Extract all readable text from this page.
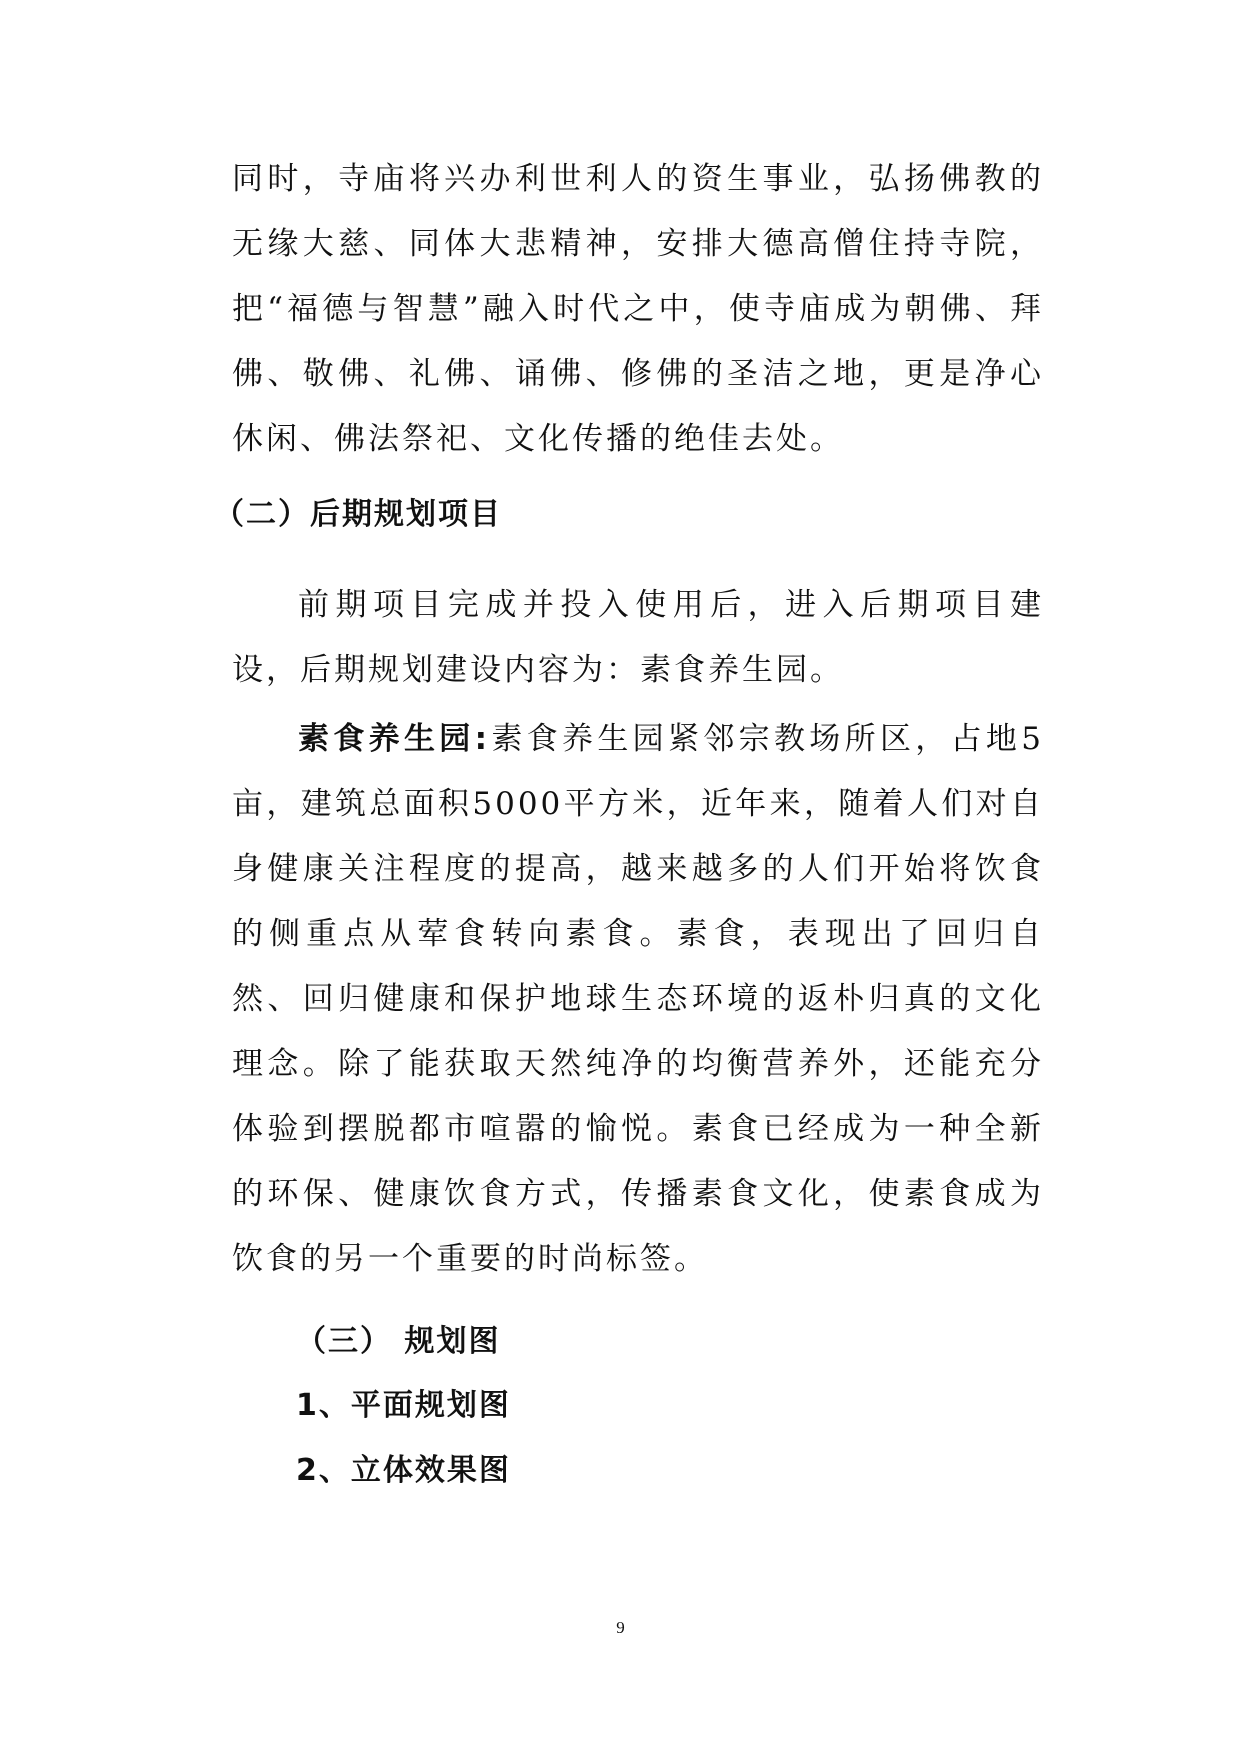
同时，寺庙将兴办利世利人的资生事业，弘扬佛教的无缘大慈、同体大悲精神，安排大德高僧住持寺院，把“福德与智慧”融入时代之中，使寺庙成为朝佛、拜佛、敬佛、礼佛、诵佛、修佛的圣洁之地，更是净心休闲、佛法祭祀、文化传播的绝佳去处。

（二）后期规划项目

前期项目完成并投入使用后，进入后期项目建设，后期规划建设内容为：素食养生园。

素食养生园:素食养生园紧邻宗教场所区，占地5亩，建筑总面积5000平方米，近年来，随着人们对自身健康关注程度的提高，越来越多的人们开始将饮食的侧重点从荤食转向素食。素食，表现出了回归自然、回归健康和保护地球生态环境的返朴归真的文化理念。除了能获取天然纯净的均衡营养外，还能充分体验到摆脱都市喧嚣的愉悦。素食已经成为一种全新的环保、健康饮食方式，传播素食文化，使素食成为饮食的另一个重要的时尚标签。

（三） 规划图
1、平面规划图
2、立体效果图
9
